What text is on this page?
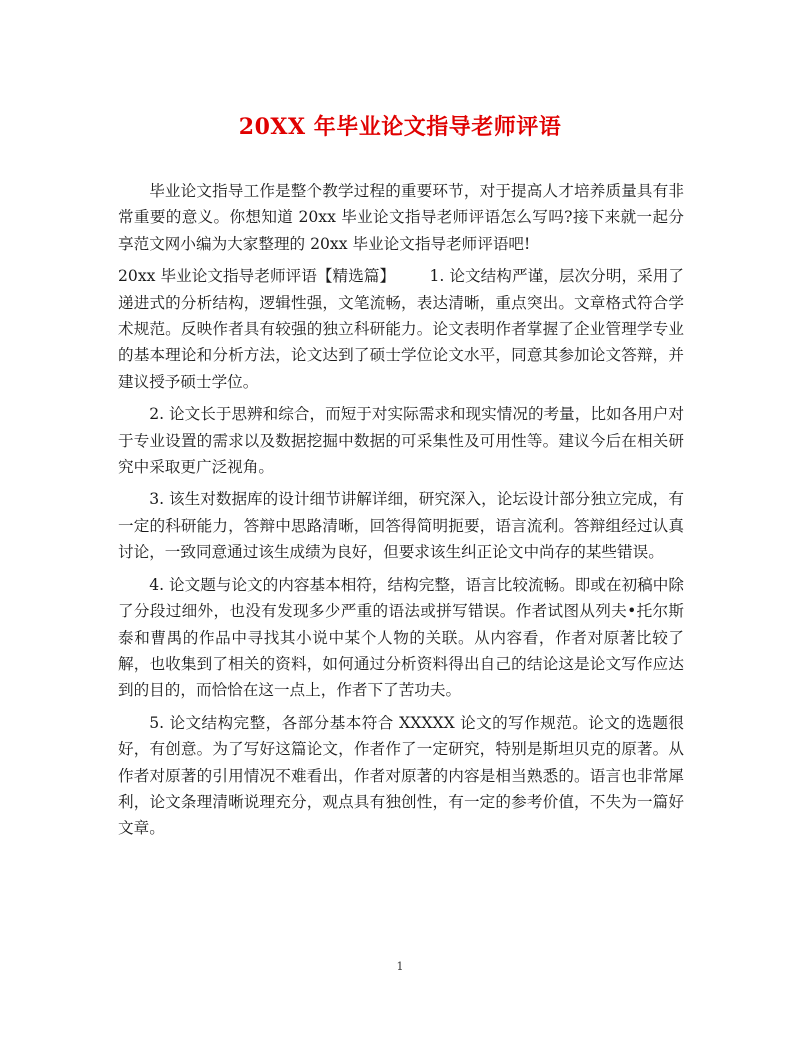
20XX 年毕业论文指导老师评语

毕业论文指导工作是整个教学过程的重要环节，对于提高人才培养质量具有非常重要的意义。你想知道 20xx 毕业论文指导老师评语怎么写吗?接下来就一起分享范文网小编为大家整理的 20xx 毕业论文指导老师评语吧!

20xx 毕业论文指导老师评语【精选篇】 1. 论文结构严谨，层次分明，采用了递进式的分析结构，逻辑性强，文笔流畅，表达清晰，重点突出。文章格式符合学术规范。反映作者具有较强的独立科研能力。论文表明作者掌握了企业管理学专业的基本理论和分析方法，论文达到了硕士学位论文水平，同意其参加论文答辩，并建议授予硕士学位。

2. 论文长于思辨和综合，而短于对实际需求和现实情况的考量，比如各用户对于专业设置的需求以及数据挖掘中数据的可采集性及可用性等。建议今后在相关研究中采取更广泛视角。

3. 该生对数据库的设计细节讲解详细，研究深入，论坛设计部分独立完成，有一定的科研能力，答辩中思路清晰，回答得简明扼要，语言流利。答辩组经过认真讨论，一致同意通过该生成绩为良好，但要求该生纠正论文中尚存的某些错误。

4. 论文题与论文的内容基本相符，结构完整，语言比较流畅。即或在初稿中除了分段过细外，也没有发现多少严重的语法或拼写错误。作者试图从列夫•托尔斯泰和曹禺的作品中寻找其小说中某个人物的关联。从内容看，作者对原著比较了解，也收集到了相关的资料，如何通过分析资料得出自己的结论这是论文写作应达到的目的，而恰恰在这一点上，作者下了苦功夫。

5. 论文结构完整，各部分基本符合 XXXXX 论文的写作规范。论文的选题很好，有创意。为了写好这篇论文，作者作了一定研究，特别是斯坦贝克的原著。从作者对原著的引用情况不难看出，作者对原著的内容是相当熟悉的。语言也非常犀利，论文条理清晰说理充分，观点具有独创性，有一定的参考价值，不失为一篇好文章。

1
